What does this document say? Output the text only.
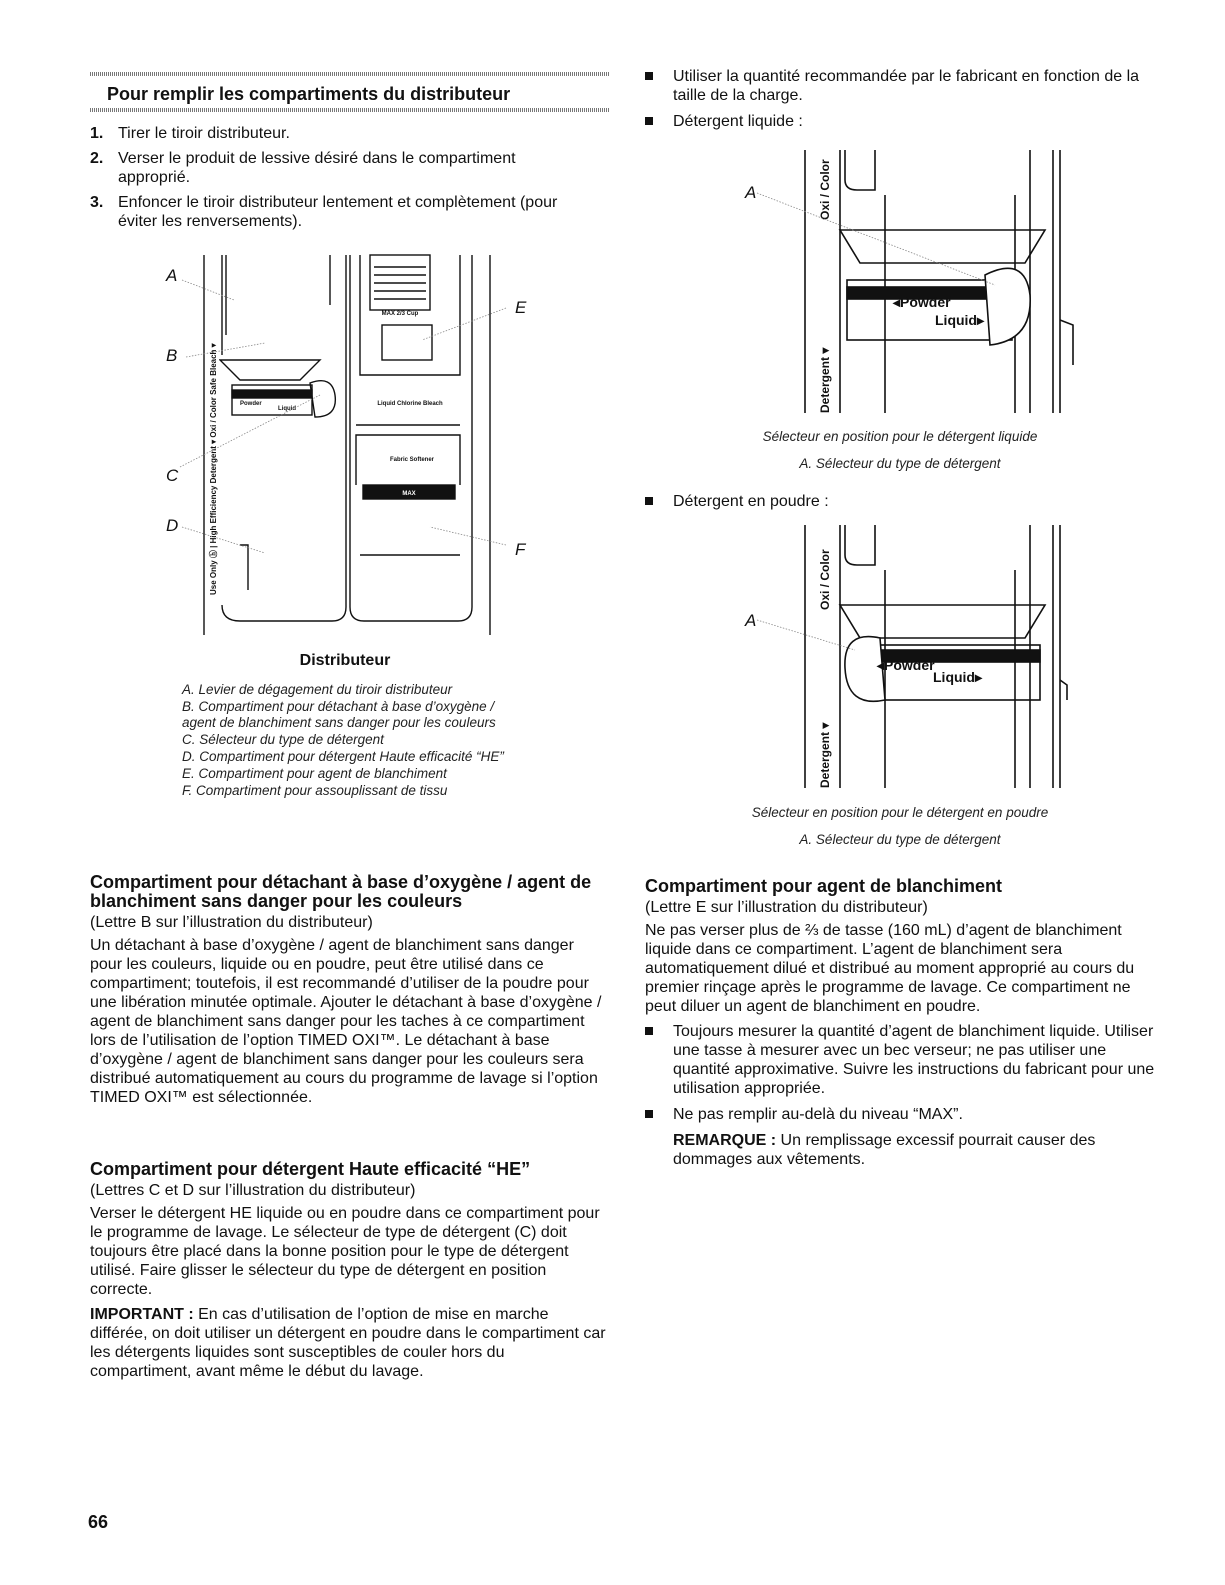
Pour remplir les compartiments du distributeur
1. Tirer le tiroir distributeur.
2. Verser le produit de lessive désiré dans le compartiment approprié.
3. Enfoncer le tiroir distributeur lentement et complètement (pour éviter les renversements).
Use Only ⓗ | High Efficiency Detergent ▾ Oxi / Color Safe Bleach ▾
MAX 2/3 Cup
Liquid Chlorine Bleach
Fabric Softener
MAX
Powder
Liquid
A
B
C
D
E
F
Distributeur
A. Levier de dégagement du tiroir distributeur
B. Compartiment pour détachant à base d’oxygène / agent de blanchiment sans danger pour les couleurs
C. Sélecteur du type de détergent
D. Compartiment pour détergent Haute efficacité “HE”
E. Compartiment pour agent de blanchiment
F. Compartiment pour assouplissant de tissu
Compartiment pour détachant à base d’oxygène / agent de blanchiment sans danger pour les couleurs

(Lettre B sur l’illustration du distributeur)

Un détachant à base d’oxygène / agent de blanchiment sans danger pour les couleurs, liquide ou en poudre, peut être utilisé dans ce compartiment; toutefois, il est recommandé d’utiliser de la poudre pour une libération minutée optimale. Ajouter le détachant à base d’oxygène / agent de blanchiment sans danger pour les taches à ce compartiment lors de l’utilisation de l’option TIMED OXI™. Le détachant à base d’oxygène / agent de blanchiment sans danger pour les couleurs sera distribué automatiquement au cours du programme de lavage si l’option TIMED OXI™ est sélectionnée.

Compartiment pour détergent Haute efficacité “HE”

(Lettres C et D sur l’illustration du distributeur)

Verser le détergent HE liquide ou en poudre dans ce compartiment pour le programme de lavage. Le sélecteur de type de détergent (C) doit toujours être placé dans la bonne position pour le type de détergent utilisé. Faire glisser le sélecteur du type de détergent en position correcte.

IMPORTANT : En cas d’utilisation de l’option de mise en marche différée, on doit utiliser un détergent en poudre dans le compartiment car les détergents liquides sont susceptibles de couler hors du compartiment, avant même le début du lavage.

66
Utiliser la quantité recommandée par le fabricant en fonction de la taille de la charge.
Détergent liquide :
Oxi / Color
Detergent ▾
◂Powder
Liquid▸
A
Sélecteur en position pour le détergent liquide
A. Sélecteur du type de détergent
Détergent en poudre :
Oxi / Color
Detergent ▾
◂Powder
Liquid▸
A
Sélecteur en position pour le détergent en poudre
A. Sélecteur du type de détergent
Compartiment pour agent de blanchiment

(Lettre E sur l’illustration du distributeur)

Ne pas verser plus de ⅔ de tasse (160 mL) d’agent de blanchiment liquide dans ce compartiment. L’agent de blanchiment sera automatiquement dilué et distribué au moment approprié au cours du premier rinçage après le programme de lavage. Ce compartiment ne peut diluer un agent de blanchiment en poudre.

Toujours mesurer la quantité d’agent de blanchiment liquide. Utiliser une tasse à mesurer avec un bec verseur; ne pas utiliser une quantité approximative. Suivre les instructions du fabricant pour une utilisation appropriée.
Ne pas remplir au-delà du niveau “MAX”.

REMARQUE : Un remplissage excessif pourrait causer des dommages aux vêtements.
